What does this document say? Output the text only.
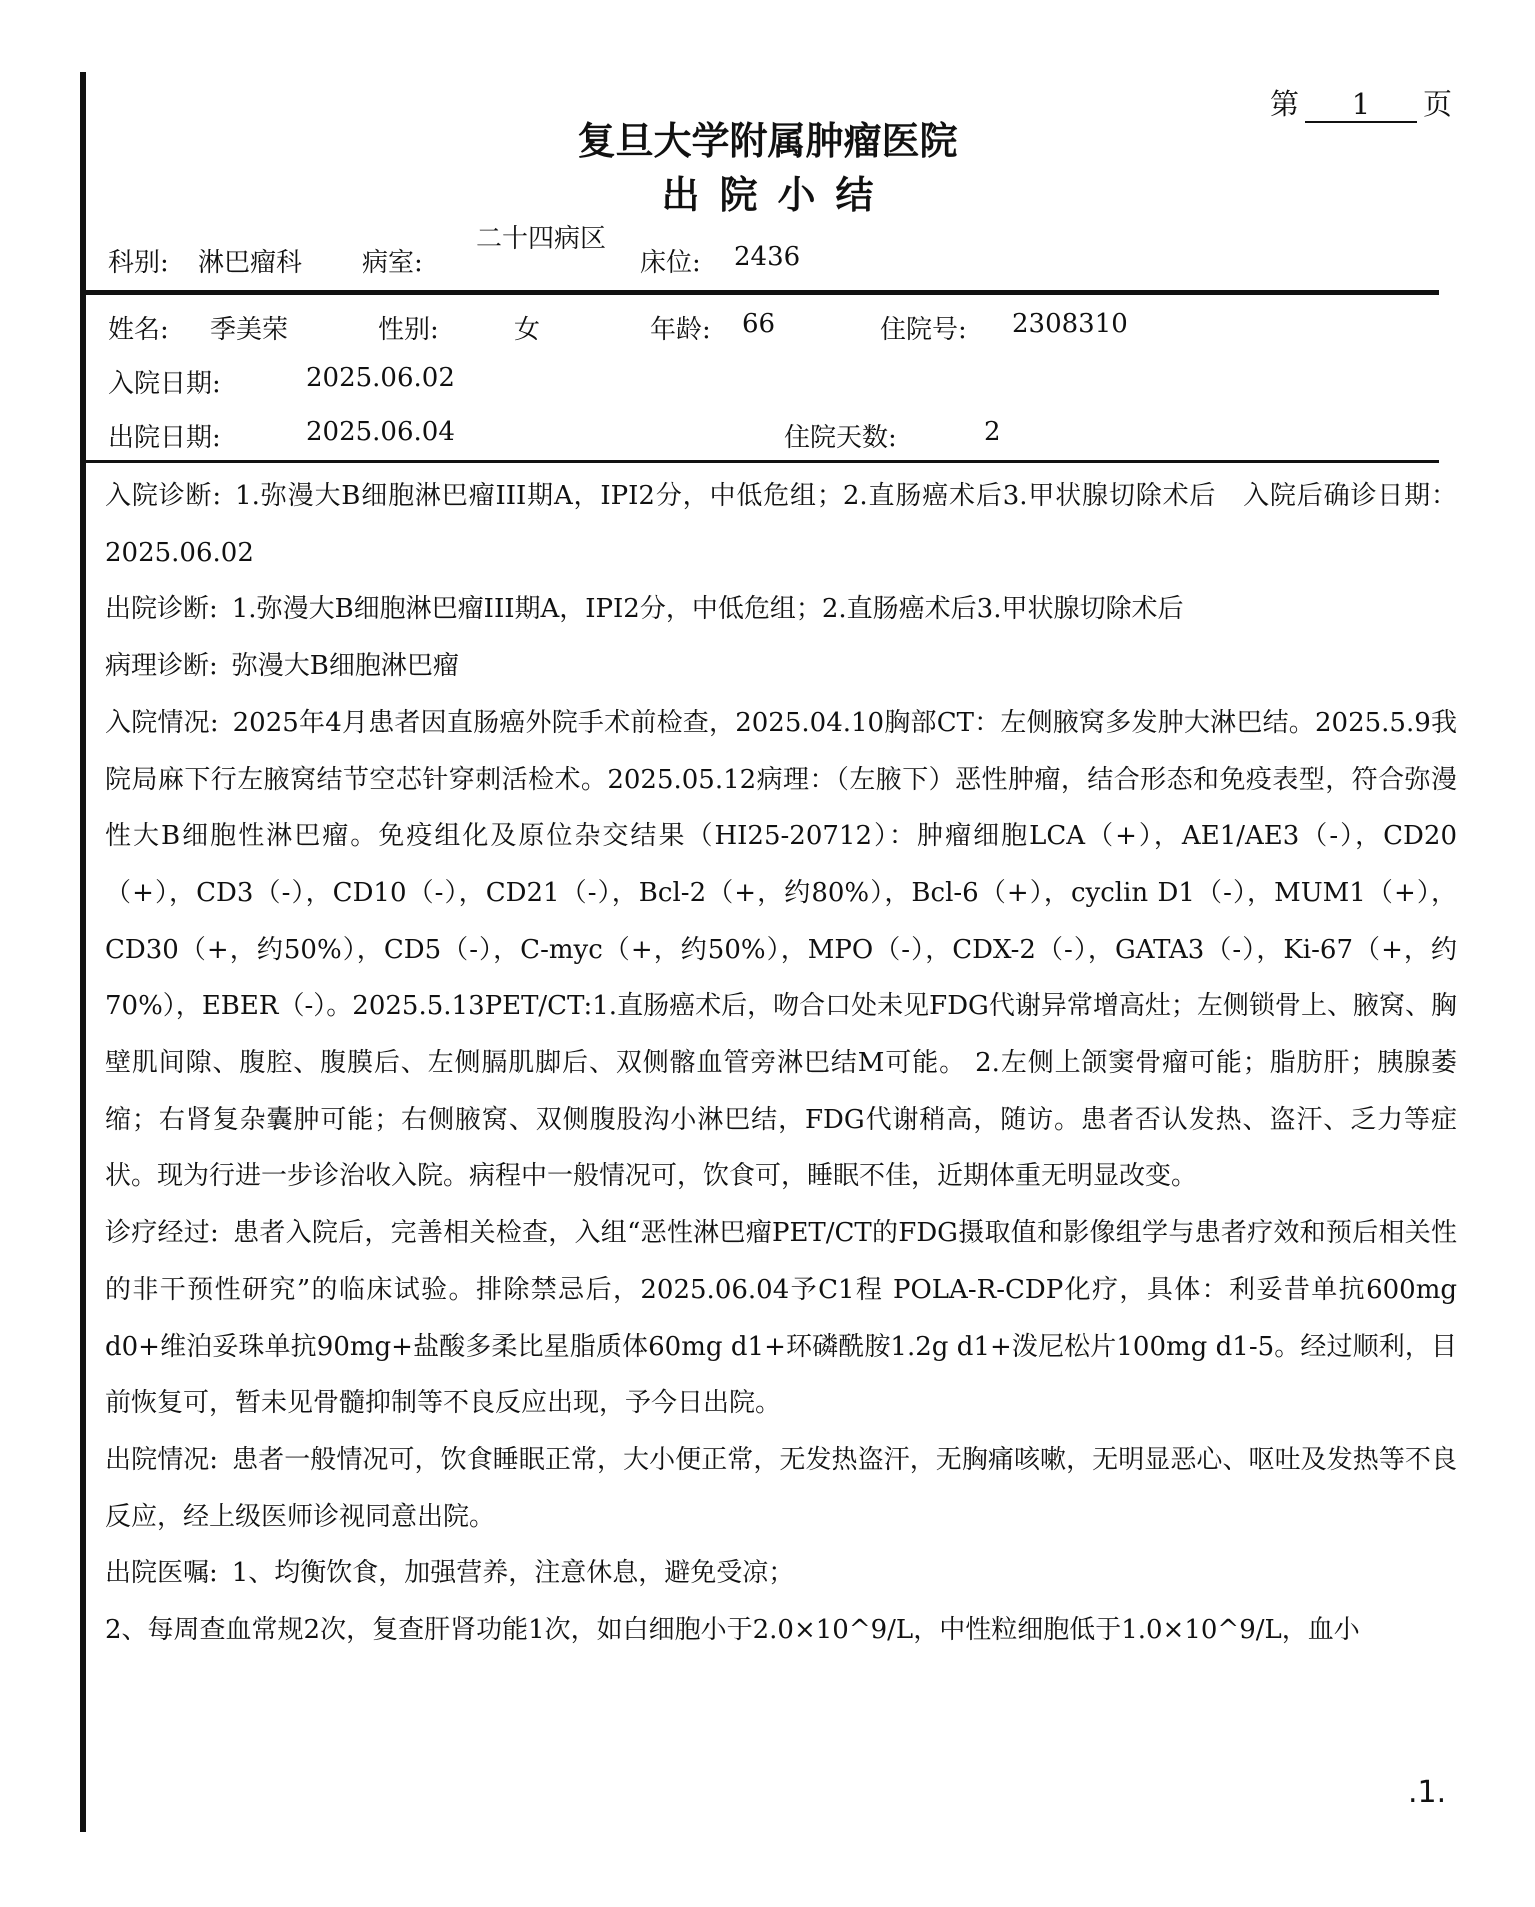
第	1	页
复旦大学附属肿瘤医院
出院小结
科别: 淋巴瘤科 病室:
二十四病区
床位: 2436
姓名: 季美荣	性别:	女	年龄: 66	住院号: 2308310
入院日期:	2025.06.02
出院日期:	2025.06.04	住院天数:	2

入院诊断: 1.弥漫大B细胞淋巴瘤III期A，IPI2分，中低危组；2.直肠癌术后3.甲状腺切除术后　入院后确诊日期：2025.06.02

出院诊断: 1.弥漫大B细胞淋巴瘤III期A，IPI2分，中低危组；2.直肠癌术后3.甲状腺切除术后

病理诊断: 弥漫大B细胞淋巴瘤

入院情况: 2025年4月患者因直肠癌外院手术前检查，2025.04.10胸部CT：左侧腋窝多发肿大淋巴结。2025.5.9我院局麻下行左腋窝结节空芯针穿刺活检术。2025.05.12病理：（左腋下）恶性肿瘤，结合形态和免疫表型，符合弥漫性大B细胞性淋巴瘤。免疫组化及原位杂交结果（HI25-20712）：肿瘤细胞LCA（+），AE1/AE3（-），CD20（+），CD3（-），CD10（-），CD21（-），Bcl-2（+，约80%），Bcl-6（+），cyclin D1（-），MUM1（+），CD30（+，约50%），CD5（-），C-myc（+，约50%），MPO（-），CDX-2（-），GATA3（-），Ki-67（+，约70%），EBER（-）。2025.5.13PET/CT:1.直肠癌术后，吻合口处未见FDG代谢异常增高灶；左侧锁骨上、腋窝、胸壁肌间隙、腹腔、腹膜后、左侧膈肌脚后、双侧髂血管旁淋巴结M可能。 2.左侧上颌窦骨瘤可能；脂肪肝；胰腺萎缩；右肾复杂囊肿可能；右侧腋窝、双侧腹股沟小淋巴结，FDG代谢稍高，随访。患者否认发热、盗汗、乏力等症状。现为行进一步诊治收入院。病程中一般情况可，饮食可，睡眠不佳，近期体重无明显改变。

诊疗经过: 患者入院后，完善相关检查，入组“恶性淋巴瘤PET/CT的FDG摄取值和影像组学与患者疗效和预后相关性的非干预性研究”的临床试验。排除禁忌后，2025.06.04予C1程 POLA-R-CDP化疗，具体：利妥昔单抗600mg d0+维泊妥珠单抗90mg+盐酸多柔比星脂质体60mg d1+环磷酰胺1.2g d1+泼尼松片100mg d1-5。经过顺利，目前恢复可，暂未见骨髓抑制等不良反应出现，予今日出院。

出院情况: 患者一般情况可，饮食睡眠正常，大小便正常，无发热盗汗，无胸痛咳嗽，无明显恶心、呕吐及发热等不良反应，经上级医师诊视同意出院。

出院医嘱: 1、均衡饮食，加强营养，注意休息，避免受凉；

2、每周查血常规2次，复查肝肾功能1次，如白细胞小于2.0×10^9/L，中性粒细胞低于1.0×10^9/L，血小

.1.
